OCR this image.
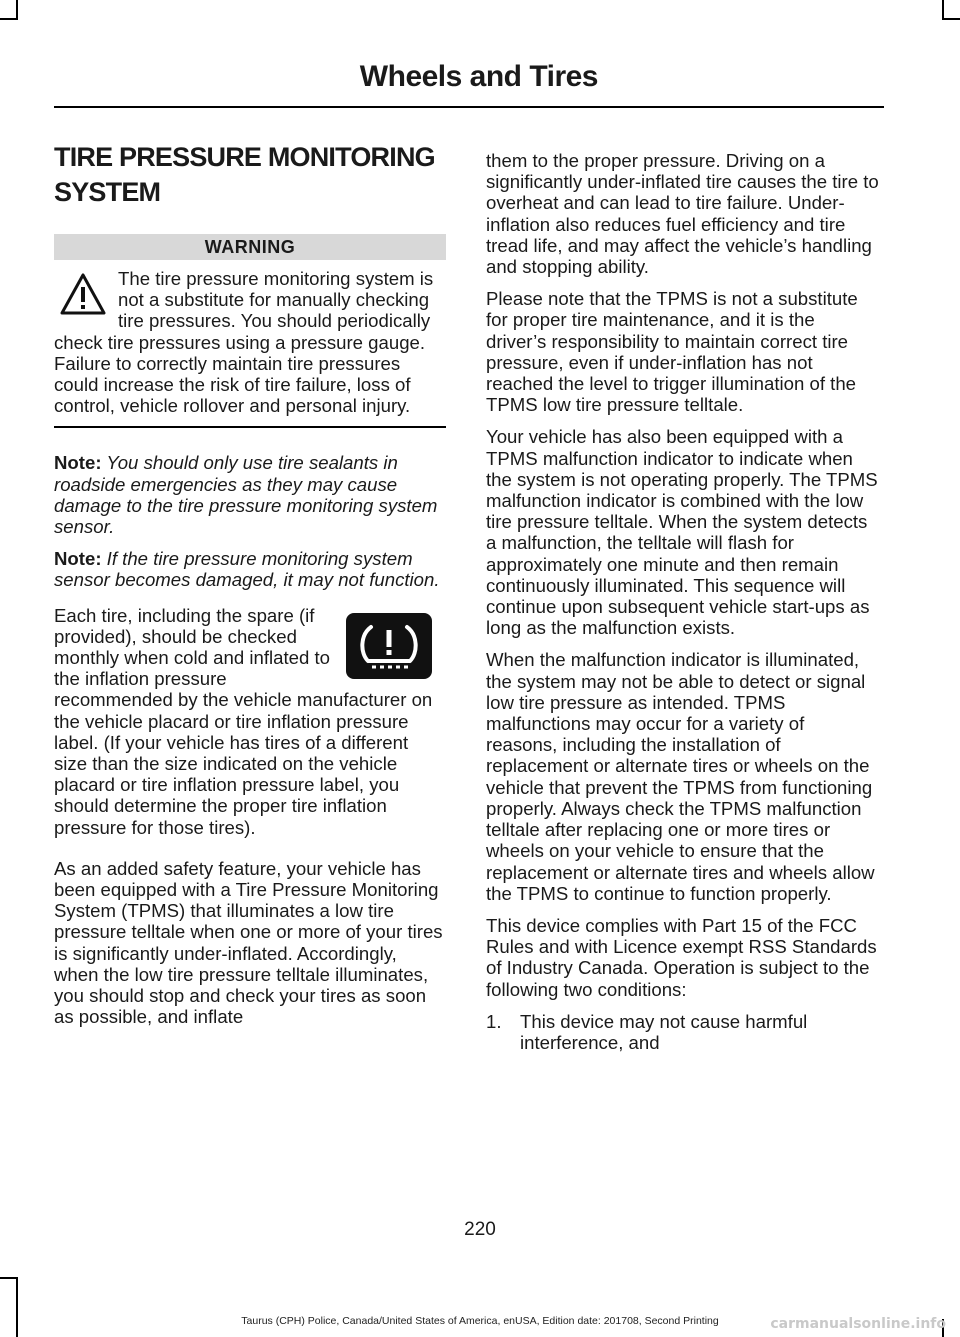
Wheels and Tires
TIRE PRESSURE MONITORING SYSTEM
WARNING

The tire pressure monitoring system is not a substitute for manually checking tire pressures. You should periodically check tire pressures using a pressure gauge. Failure to correctly maintain tire pressures could increase the risk of tire failure, loss of control, vehicle rollover and personal injury.

Note: You should only use tire sealants in roadside emergencies as they may cause damage to the tire pressure monitoring system sensor.

Note: If the tire pressure monitoring system sensor becomes damaged, it may not function.

Each tire, including the spare (if provided), should be checked monthly when cold and inflated to the inflation pressure recommended by the vehicle manufacturer on the vehicle placard or tire inflation pressure label. (If your vehicle has tires of a different size than the size indicated on the vehicle placard or tire inflation pressure label, you should determine the proper tire inflation pressure for those tires).

As an added safety feature, your vehicle has been equipped with a Tire Pressure Monitoring System (TPMS) that illuminates a low tire pressure telltale when one or more of your tires is significantly under-inflated. Accordingly, when the low tire pressure telltale illuminates, you should stop and check your tires as soon as possible, and inflate

them to the proper pressure. Driving on a significantly under-inflated tire causes the tire to overheat and can lead to tire failure. Under-inflation also reduces fuel efficiency and tire tread life, and may affect the vehicle’s handling and stopping ability.

Please note that the TPMS is not a substitute for proper tire maintenance, and it is the driver’s responsibility to maintain correct tire pressure, even if under-inflation has not reached the level to trigger illumination of the TPMS low tire pressure telltale.

Your vehicle has also been equipped with a TPMS malfunction indicator to indicate when the system is not operating properly. The TPMS malfunction indicator is combined with the low tire pressure telltale. When the system detects a malfunction, the telltale will flash for approximately one minute and then remain continuously illuminated. This sequence will continue upon subsequent vehicle start-ups as long as the malfunction exists.

When the malfunction indicator is illuminated, the system may not be able to detect or signal low tire pressure as intended. TPMS malfunctions may occur for a variety of reasons, including the installation of replacement or alternate tires or wheels on the vehicle that prevent the TPMS from functioning properly. Always check the TPMS malfunction telltale after replacing one or more tires or wheels on your vehicle to ensure that the replacement or alternate tires and wheels allow the TPMS to continue to function properly.

This device complies with Part 15 of the FCC Rules and with Licence exempt RSS Standards of Industry Canada. Operation is subject to the following two conditions:

1. This device may not cause harmful interference, and
220
Taurus (CPH) Police, Canada/United States of America, enUSA, Edition date: 201708, Second Printing	carmanualsonline.info
